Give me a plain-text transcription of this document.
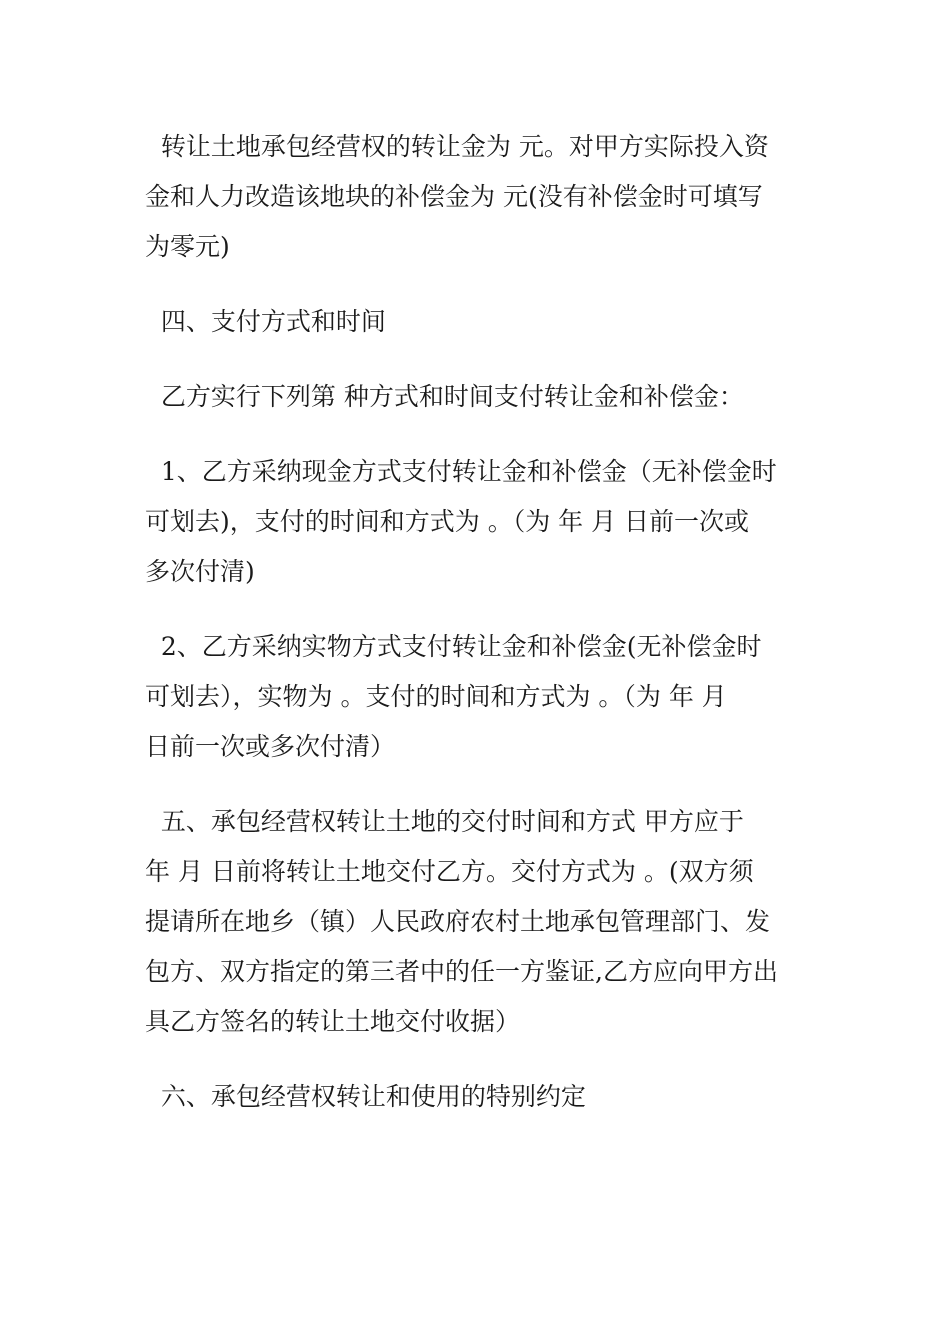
转让土地承包经营权的转让金为 元。对甲方实际投入资
金和人力改造该地块的补偿金为 元(没有补偿金时可填写
为零元)
四、支付方式和时间
乙方实行下列第 种方式和时间支付转让金和补偿金：
1、乙方采纳现金方式支付转让金和补偿金（无补偿金时
可划去)，支付的时间和方式为 。（为 年 月 日前一次或
多次付清)
2、乙方采纳实物方式支付转让金和补偿金(无补偿金时
可划去），实物为 。支付的时间和方式为 。（为 年 月
日前一次或多次付清）
五、承包经营权转让土地的交付时间和方式 甲方应于
年 月 日前将转让土地交付乙方。交付方式为 。(双方须
提请所在地乡（镇）人民政府农村土地承包管理部门、发
包方、双方指定的第三者中的任一方鉴证,乙方应向甲方出
具乙方签名的转让土地交付收据）
六、承包经营权转让和使用的特别约定
